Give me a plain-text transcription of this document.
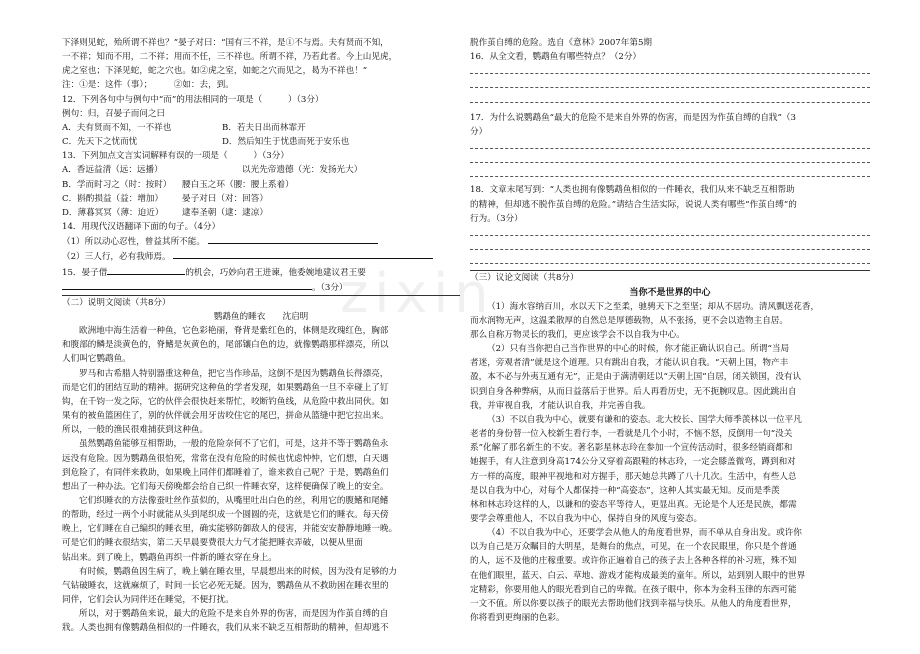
zixin
下泽则见蛇，殆所谓不祥也？”晏子对曰：“国有三不祥，是①不与焉。夫有贤而不知，
一不祥；知而不用，二不祥；用而不任，三不祥也。所谓不祥，乃若此者。今上山见虎，
虎之室也；下泽见蛇，蛇之穴也。如②虎之室，如蛇之穴而见之，曷为不祥也！”
注：①是：这件（事）；　　　②如：去，到。
12．下列各句中与例句中“而”的用法相同的一项是（　　　）（3分）
例句：归，召晏子而问之曰
A．夫有贤而不知，一不祥也	B．若夫日出而林霏开
C．先天下之忧而忧	D．然后知生于忧患而死于安乐也
13．下列加点文言实词解释有误的一项是（　　　）（3分）
A．香远益清（远：远播）	以光先帝遗德（光：发扬光大）
B．学而时习之（时：按时）	腰白玉之环（腰：腰上系着）
C．斟酌损益（益：增加）	晏子对曰（对：回答）
D．薄暮冥冥（薄：迫近）	逮奉圣朝（逮：逮凉）
14．用现代汉语翻译下面的句子。（4分）
（1）所以动心忍性，曾益其所不能。
（2）三人行，必有我师焉。
15．晏子借	的机会，巧妙向君王进谏，他委婉地建议君王要
。（3分）
（二）说明文阅读（共8分）
鹦鹉鱼的睡衣　　沈启明
欧洲地中海生活着一种鱼，它色彩艳丽，脊背是紫红色的，体侧是玫瑰红色，胸部
和腹部的鳞是淡黄色的，脊鳍是灰黄色的，尾部镶白色的边，就像鹦鹉那样漂亮，所以
人们叫它鹦鹉鱼。
罗马和古希腊人特别器重这种鱼，把它当作珍品，这倒不是因为鹦鹉鱼长得漂亮，
而是它们的团结互助的精神。据研究这种鱼的学者发现，如果鹦鹉鱼一旦不幸碰上了钉
钩，在千钧一发之际，它的伙伴会很快赶来帮忙，咬断钓鱼线，从危险中救出同伙。如
果有的被鱼篮困住了，别的伙伴就会用牙齿咬住它的尾巴，拼命从篮缝中把它拉出来。
所以，一般的渔民很难捕获到这种鱼。
虽然鹦鹉鱼能够互相帮助，一般的危险奈何不了它们，可是，这并不等于鹦鹉鱼永
远没有危险。因为鹦鹉鱼很怕死，常常在没有危险的时候也忧虑忡忡，它们想，白天遇
到危险了，有同伴来救助，如果晚上同伴们都睡着了，谁来救自己呢？于是，鹦鹉鱼们
想出了一种办法。它们每天傍晚都会给自己织一件睡衣穿，这样便确保了晚上的安全。
它们织睡衣的方法像蚕吐丝作茧似的，从嘴里吐出白色的丝，利用它的腹鳍和尾鳍
的帮助，经过一两个小时就能从头到尾织成一个圆圆的壳，这就是它们的睡衣。每天傍
晚上，它们睡在自己编织的睡衣里，确实能够防御敌人的侵害，并能安安静静地睡一晚。
可是它们的睡衣很结实，第二天早晨要费很大力气才能把睡衣弄破，以便从里面
钻出来。到了晚上，鹦鹉鱼再织一件新的睡衣穿在身上。
有时候，鹦鹉鱼因生病了，晚上躺在睡衣里，早晨想出来的时候，因为没有足够的力
气钻破睡衣，这就麻烦了，时间一长它必死无疑。因为，鹦鹉鱼从不救助困在睡衣里的
同伴，它们会认为同伴还在睡觉，不便打扰。
所以，对于鹦鹉鱼来说，最大的危险不是来自外界的伤害，而是因为作茧自缚的自
戕。人类也拥有像鹦鹉鱼相似的一件睡衣，我们从来不缺乏互相帮助的精神，但却逃不
脱作茧自缚的危险。选自《意林》2007年第5期
16．从全文看，鹦鹉鱼有哪些特点？（2分）
17．为什么说鹦鹉鱼“最大的危险不是来自外界的伤害，而是因为作茧自缚的自戕”（3
分）
18．文章末尾写到：“人类也拥有像鹦鹉鱼相似的一件睡衣，我们从来不缺乏互相帮助
的精神，但却逃不脱作茧自缚的危险。”请结合生活实际，说说人类有哪些“作茧自缚”的
行为。（3分）
（三）议论文阅读（共8分）
当你不是世界的中心
（1）海水容纳百川，水以天下之至柔，驰骋天下之至坚；却从不居功。清风飘送花香，
而水润物无声，这温柔散厚的自然总是厚德载物，从不张扬，更不会以造物主自居。
那么自称万物灵长的我们，更应该学会不以自我为中心。
（2）只有当你把自己当作世界的中心的时候，你才能正确认识自己。所谓“当局
者迷，旁观者清”就是这个道理。只有跳出自我，才能认识自我。“天朝上国，物产丰
盈，本不必与外夷互通有无”，正是由于满清朝廷以“天朝上国”自居，闭关锁国，没有认
识到自身各种弊病，从而日益落后于世界。后人再看历史，无不扼腕叹息。因此跳出自
我，并审视自我，才能认识自我，并完善自我。
（3）不以自我为中心，就要有谦和的姿态。北大校长、国学大师季羡林以一位平凡
老者的身份替一位入校新生看行李，一看就是几个小时，不恼不怒，反倒用一句“没关
系”化解了那名新生的不安。著名影星林志玲在参加一个宣传活动时，很多经销商都和
她握手，有人注意到身高174公分又穿着高跟鞋的林志玲，一定会膝盖微弯，蹲到和对
方一样的高度，眼神平视地和对方握手，那天她总共蹲了八十几次。生活中，有些人总
是以自我为中心，对每个人都保持一种“高姿态”，这种人其实最无知。反而是季羡
林和林志玲这样的人，以谦和的姿态平等待人，更显出真。无论是个人还是民族，都需
要学会尊重他人，不以自我为中心，保持自身的风度与姿态。
（4）不以自我为中心，还要学会从他人的角度看世界，而不单从自身出发。或许你
以为自己是万众瞩目的大明星，是舞台的焦点，可见，在一个农民眼里，你只是个普通
的人，远不及他的庄稼重要。或许你正遍着自己的孩子去上各种各样的补习班，殊不知
在他们眼里，蓝天、白云、草地、游戏才能构成最美的童年。所以，站到别人眼中的世界
定精彩，你要用他人的眼光看到自己的卑微。在孩子眼中，你本为金科玉律的东西可能
一文不值。所以你要以孩子的眼光去帮助他们找到幸福与快乐。从他人的角度看世界，
你将看到更绚丽的色彩。
